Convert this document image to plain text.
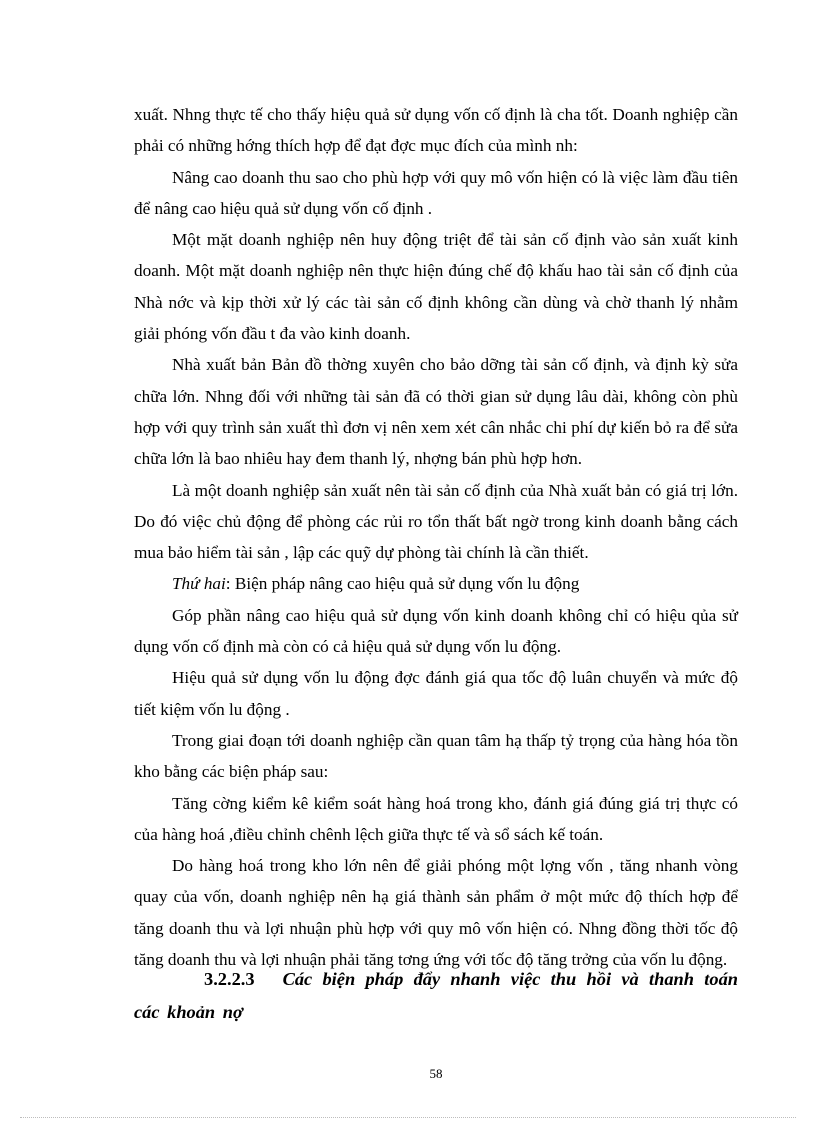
xuất. Nhng thực tế cho thấy hiệu quả sử dụng vốn cố định là cha tốt. Doanh nghiệp cần phải có những hớng thích hợp để đạt đợc mục đích của mình nh:

Nâng cao doanh thu sao cho phù hợp với quy mô vốn hiện có là việc làm đầu tiên để nâng cao hiệu quả sử dụng vốn cố định .

Một mặt doanh nghiệp nên huy động triệt để tài sản cố định vào sản xuất kinh doanh. Một mặt doanh nghiệp nên thực hiện đúng chế độ khấu hao tài sản cố định của Nhà nớc và kịp thời xử lý các tài sản cố định không cần dùng và chờ thanh lý nhằm giải phóng vốn đầu t đa vào kinh doanh.

Nhà xuất bản Bản đồ thờng xuyên cho bảo dỡng tài sản cố định, và định kỳ sửa chữa lớn. Nhng đối với những tài sản đã có thời gian sử dụng lâu dài, không còn phù hợp với quy trình sản xuất thì đơn vị nên xem xét cân nhắc chi phí dự kiến bỏ ra để sửa chữa lớn là bao nhiêu hay đem thanh lý, nhợng bán phù hợp hơn.

Là một doanh nghiệp sản xuất nên tài sản cố định của Nhà xuất bản có giá trị lớn. Do đó việc chủ động để phòng các rủi ro tổn thất bất ngờ trong kinh doanh bằng cách mua bảo hiểm tài sản , lập các quỹ dự phòng tài chính là cần thiết.

Thứ hai: Biện pháp nâng cao hiệu quả sử dụng vốn lu động

Góp phần nâng cao hiệu quả sử dụng vốn kinh doanh không chỉ có hiệu qủa sử dụng vốn cố định mà còn có cả hiệu quả sử dụng vốn lu động.

Hiệu quả sử dụng vốn lu động đợc đánh giá qua tốc độ luân chuyển và mức độ tiết kiệm vốn lu động .

Trong giai đoạn tới doanh nghiệp cần quan tâm hạ thấp tỷ trọng của hàng hóa tồn kho bằng các biện pháp sau:

Tăng cờng kiểm kê kiểm soát hàng hoá trong kho, đánh giá đúng giá trị thực có của hàng hoá ,điều chỉnh chênh lệch giữa thực tế và sổ sách kế toán.

Do hàng hoá trong kho lớn nên để giải phóng một lợng vốn , tăng nhanh vòng quay của vốn, doanh nghiệp nên hạ giá thành sản phẩm ở một mức độ thích hợp để tăng doanh thu và lợi nhuận phù hợp với quy mô vốn hiện có. Nhng đồng thời tốc độ tăng doanh thu và lợi nhuận phải tăng tơng ứng với tốc độ tăng trởng của vốn lu động.

3.2.2.3 Các biện pháp đẩy nhanh việc thu hồi và thanh toán các khoản nợ
58
